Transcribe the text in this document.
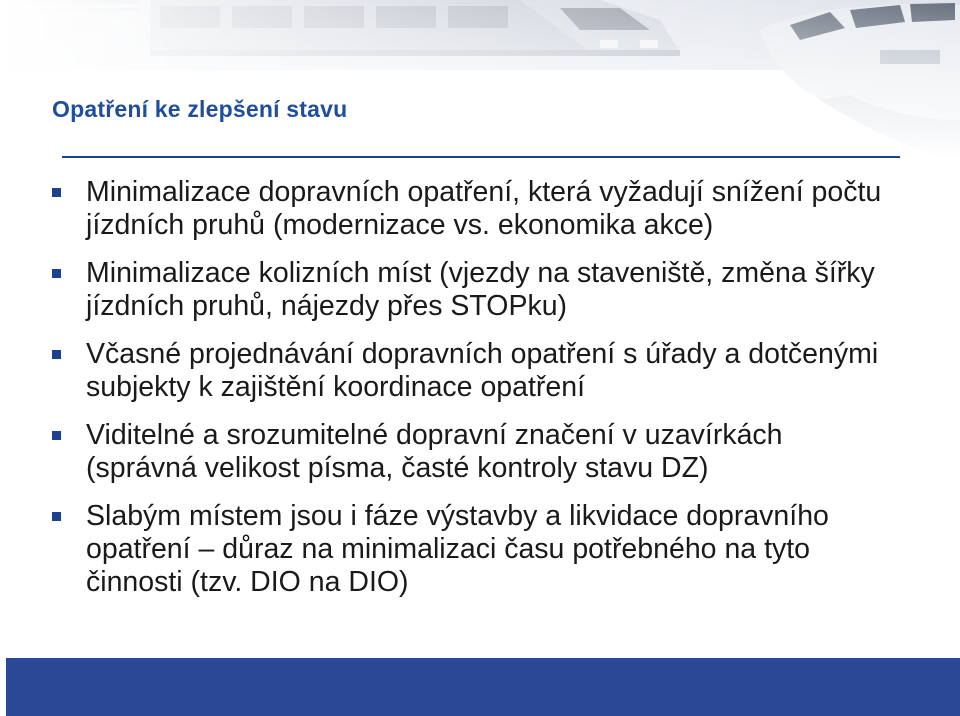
Opatření ke zlepšení stavu
Minimalizace dopravních opatření, která vyžadují snížení počtu jízdních pruhů (modernizace vs. ekonomika akce)
Minimalizace kolizních míst (vjezdy na staveniště, změna šířky jízdních pruhů, nájezdy přes STOPku)
Včasné projednávání dopravních opatření s úřady a dotčenými subjekty k zajištění koordinace opatření
Viditelné a srozumitelné dopravní značení v uzavírkách (správná velikost písma, časté kontroly stavu DZ)
Slabým místem jsou i fáze výstavby a likvidace dopravního opatření – důraz na minimalizaci času potřebného na tyto činnosti (tzv. DIO na DIO)
